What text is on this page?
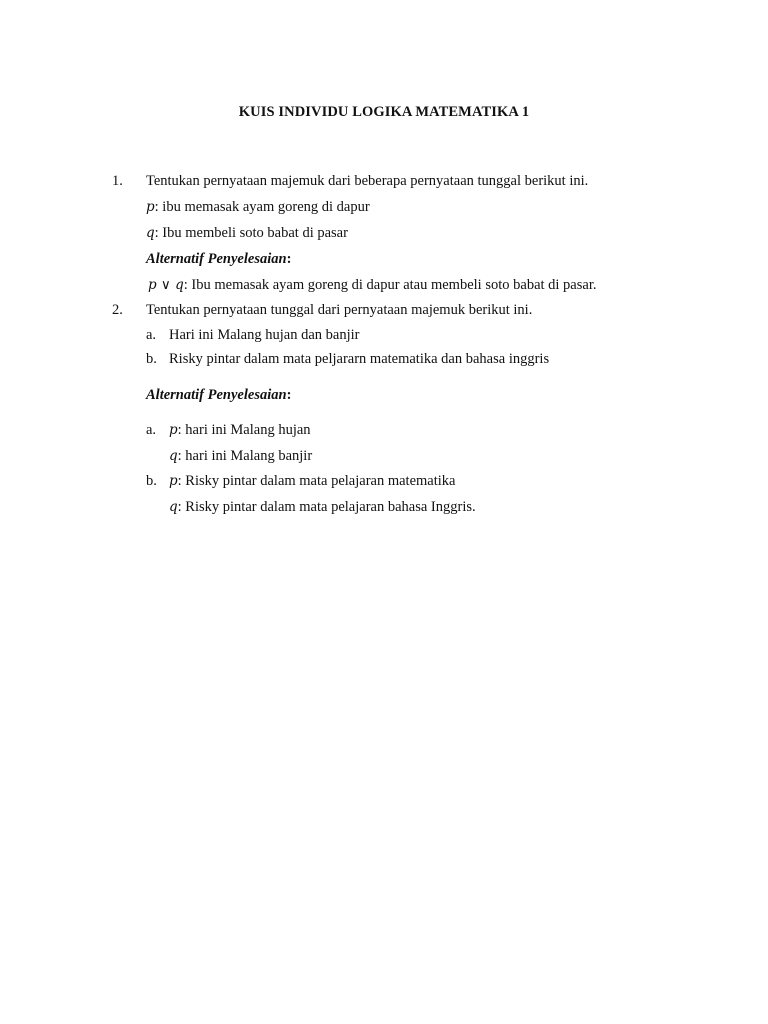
KUIS INDIVIDU LOGIKA MATEMATIKA 1
1. Tentukan pernyataan majemuk dari beberapa pernyataan tunggal berikut ini.
p: ibu memasak ayam goreng di dapur
q: Ibu membeli soto babat di pasar
Alternatif Penyelesaian:
p ∨ q: Ibu memasak ayam goreng di dapur atau membeli soto babat di pasar.
2. Tentukan pernyataan tunggal dari pernyataan majemuk berikut ini.
a. Hari ini Malang hujan dan banjir
b. Risky pintar dalam mata peljararn matematika dan bahasa inggris
Alternatif Penyelesaian:
a. p: hari ini Malang hujan
q: hari ini Malang banjir
b. p: Risky pintar dalam mata pelajaran matematika
q: Risky pintar dalam mata pelajaran bahasa Inggris.
